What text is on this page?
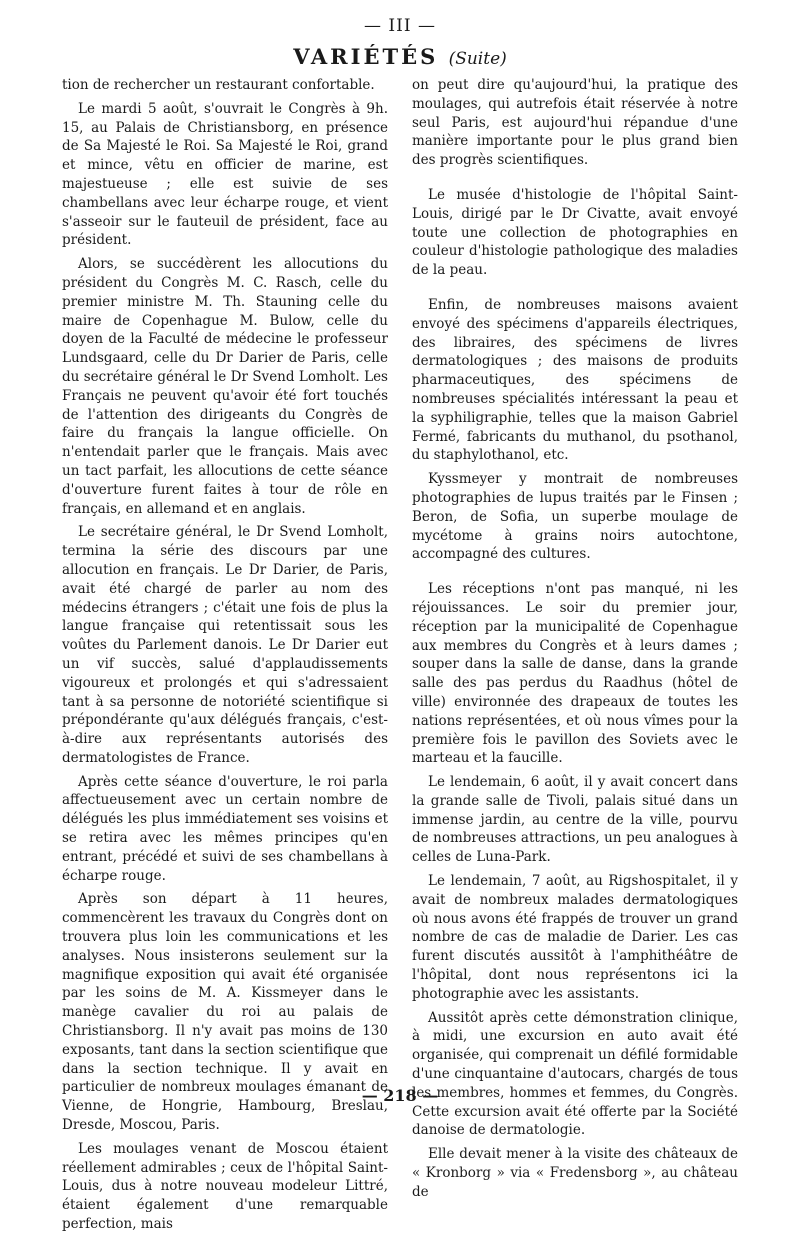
— III —
VARIÉTÉS (Suite)

tion de rechercher un restaurant confortable.

Le mardi 5 août, s'ouvrait le Congrès à 9h. 15, au Palais de Christiansborg, en présence de Sa Majesté le Roi. Sa Majesté le Roi, grand et mince, vêtu en officier de marine, est majestueuse ; elle est suivie de ses chambellans avec leur écharpe rouge, et vient s'asseoir sur le fauteuil de président, face au président.

Alors, se succédèrent les allocutions du président du Congrès M. C. Rasch, celle du premier ministre M. Th. Stauning celle du maire de Copenhague M. Bulow, celle du doyen de la Faculté de médecine le professeur Lundsgaard, celle du Dr Darier de Paris, celle du secrétaire général le Dr Svend Lomholt. Les Français ne peuvent qu'avoir été fort touchés de l'attention des dirigeants du Congrès de faire du français la langue officielle. On n'entendait parler que le français. Mais avec un tact parfait, les allocutions de cette séance d'ouverture furent faites à tour de rôle en français, en allemand et en anglais.

Le secrétaire général, le Dr Svend Lomholt, termina la série des discours par une allocution en français. Le Dr Darier, de Paris, avait été chargé de parler au nom des médecins étrangers ; c'était une fois de plus la langue française qui retentissait sous les voûtes du Parlement danois. Le Dr Darier eut un vif succès, salué d'applaudissements vigoureux et prolongés et qui s'adressaient tant à sa personne de notoriété scientifique si prépondérante qu'aux délégués français, c'est-à-dire aux représentants autorisés des dermatologistes de France.

Après cette séance d'ouverture, le roi parla affectueusement avec un certain nombre de délégués les plus immédiatement ses voisins et se retira avec les mêmes principes qu'en entrant, précédé et suivi de ses chambellans à écharpe rouge.

Après son départ à 11 heures, commencèrent les travaux du Congrès dont on trouvera plus loin les communications et les analyses. Nous insisterons seulement sur la magnifique exposition qui avait été organisée par les soins de M. A. Kissmeyer dans le manège cavalier du roi au palais de Christiansborg. Il n'y avait pas moins de 130 exposants, tant dans la section scientifique que dans la section technique. Il y avait en particulier de nombreux moulages émanant de Vienne, de Hongrie, Hambourg, Breslau, Dresde, Moscou, Paris.

Les moulages venant de Moscou étaient réellement admirables ; ceux de l'hôpital Saint-Louis, dus à notre nouveau modeleur Littré, étaient également d'une remarquable perfection, mais

on peut dire qu'aujourd'hui, la pratique des moulages, qui autrefois était réservée à notre seul Paris, est aujourd'hui répandue d'une manière importante pour le plus grand bien des progrès scientifiques.

Le musée d'histologie de l'hôpital Saint-Louis, dirigé par le Dr Civatte, avait envoyé toute une collection de photographies en couleur d'histologie pathologique des maladies de la peau.

Enfin, de nombreuses maisons avaient envoyé des spécimens d'appareils électriques, des libraires, des spécimens de livres dermatologiques ; des maisons de produits pharmaceutiques, des spécimens de nombreuses spécialités intéressant la peau et la syphiligraphie, telles que la maison Gabriel Fermé, fabricants du muthanol, du psothanol, du staphylothanol, etc.

Kyssmeyer y montrait de nombreuses photographies de lupus traités par le Finsen ; Beron, de Sofia, un superbe moulage de mycétome à grains noirs autochtone, accompagné des cultures.

Les réceptions n'ont pas manqué, ni les réjouissances. Le soir du premier jour, réception par la municipalité de Copenhague aux membres du Congrès et à leurs dames ; souper dans la salle de danse, dans la grande salle des pas perdus du Raadhus (hôtel de ville) environnée des drapeaux de toutes les nations représentées, et où nous vîmes pour la première fois le pavillon des Soviets avec le marteau et la faucille.

Le lendemain, 6 août, il y avait concert dans la grande salle de Tivoli, palais situé dans un immense jardin, au centre de la ville, pourvu de nombreuses attractions, un peu analogues à celles de Luna-Park.

Le lendemain, 7 août, au Rigshospitalet, il y avait de nombreux malades dermatologiques où nous avons été frappés de trouver un grand nombre de cas de maladie de Darier. Les cas furent discutés aussitôt à l'amphithéâtre de l'hôpital, dont nous représentons ici la photographie avec les assistants.

Aussitôt après cette démonstration clinique, à midi, une excursion en auto avait été organisée, qui comprenait un défilé formidable d'une cinquantaine d'autocars, chargés de tous les membres, hommes et femmes, du Congrès. Cette excursion avait été offerte par la Société danoise de dermatologie.

Elle devait mener à la visite des châteaux de « Kronborg » via « Fredensborg », au château de

— 218 —
